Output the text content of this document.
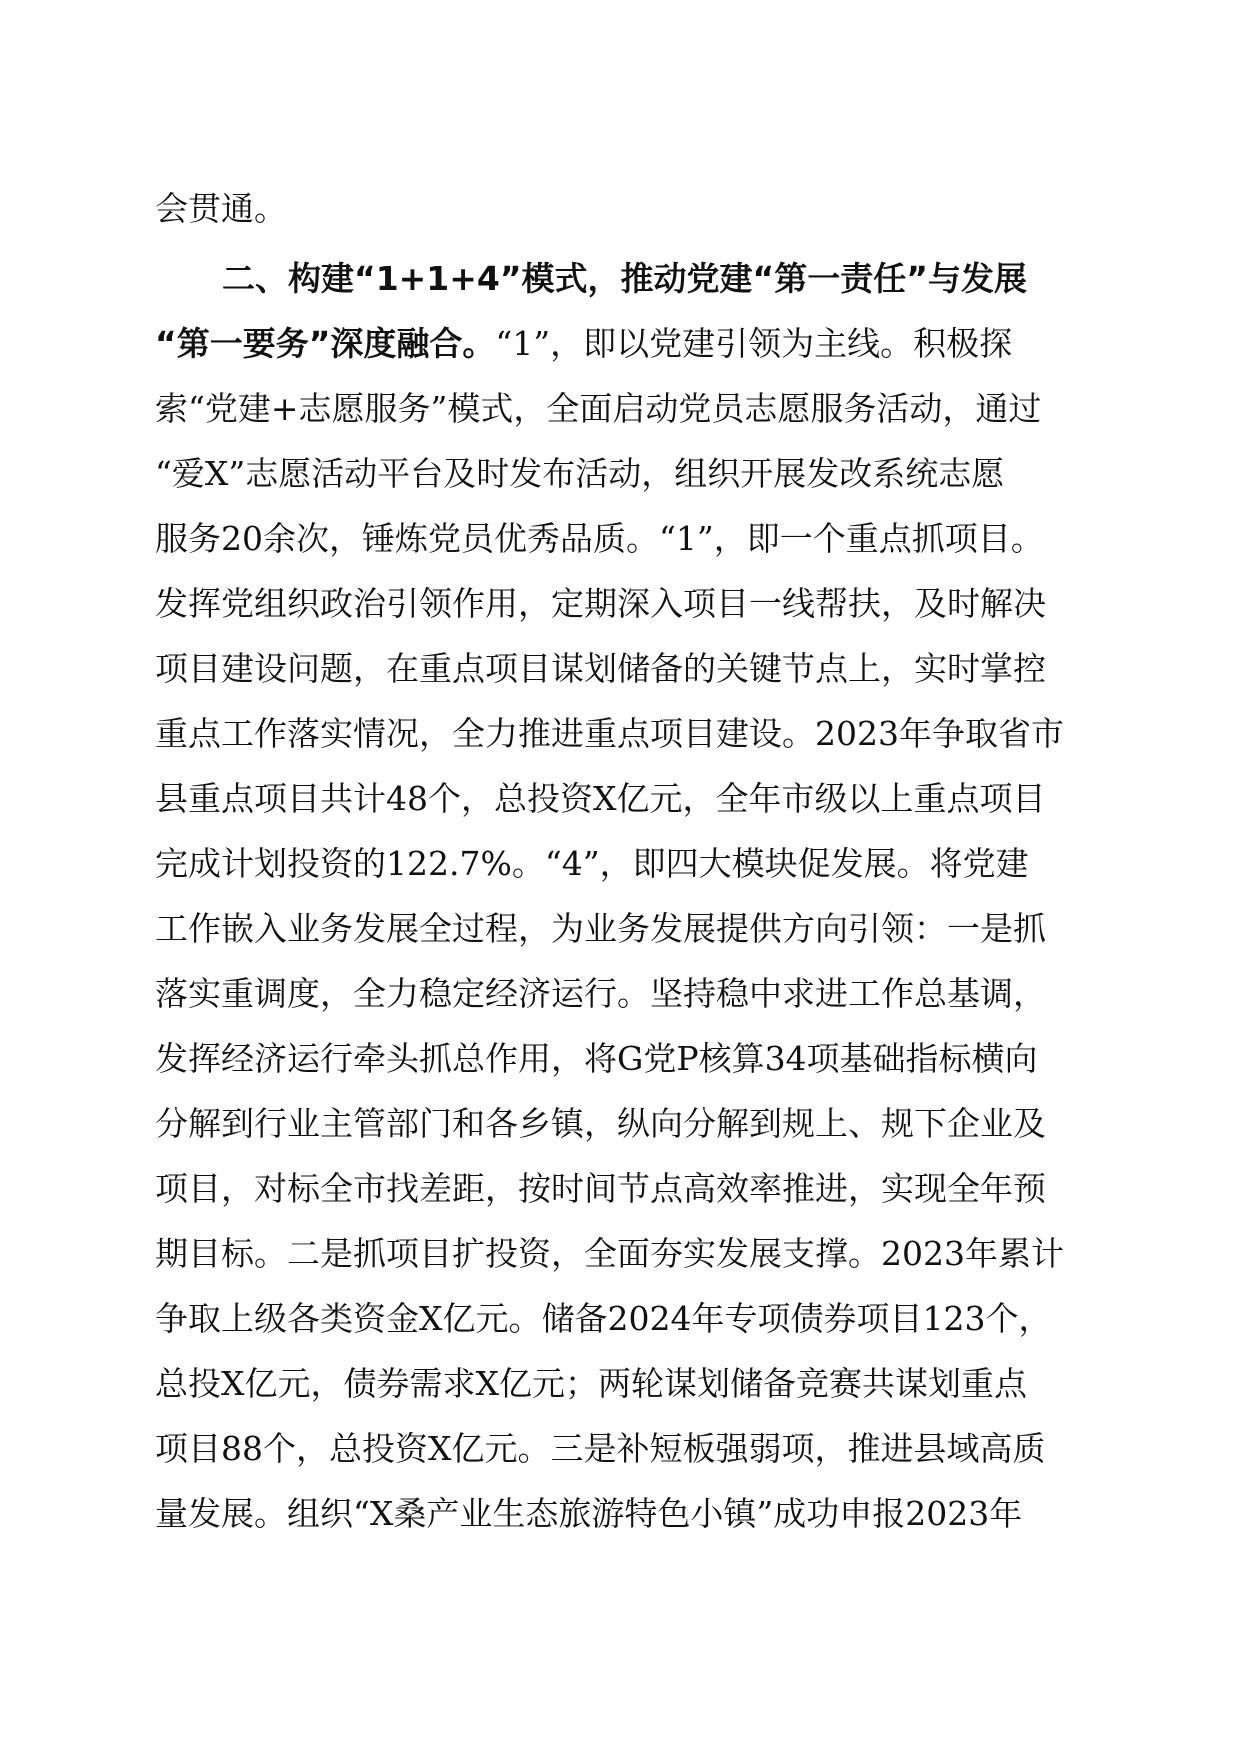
会贯通。
二、构建“1+1+4”模式，推动党建“第一责任”与发展
“第一要务”深度融合。“1”，即以党建引领为主线。积极探
索“党建+志愿服务”模式，全面启动党员志愿服务活动，通过
“爱X”志愿活动平台及时发布活动，组织开展发改系统志愿
服务20余次，锤炼党员优秀品质。“1”，即一个重点抓项目。
发挥党组织政治引领作用，定期深入项目一线帮扶，及时解决
项目建设问题，在重点项目谋划储备的关键节点上，实时掌控
重点工作落实情况，全力推进重点项目建设。2023年争取省市
县重点项目共计48个，总投资X亿元，全年市级以上重点项目
完成计划投资的122.7%。“4”，即四大模块促发展。将党建
工作嵌入业务发展全过程，为业务发展提供方向引领：一是抓
落实重调度，全力稳定经济运行。坚持稳中求进工作总基调，
发挥经济运行牵头抓总作用，将G党P核算34项基础指标横向
分解到行业主管部门和各乡镇，纵向分解到规上、规下企业及
项目，对标全市找差距，按时间节点高效率推进，实现全年预
期目标。二是抓项目扩投资，全面夯实发展支撑。2023年累计
争取上级各类资金X亿元。储备2024年专项债券项目123个，
总投X亿元，债券需求X亿元；两轮谋划储备竞赛共谋划重点
项目88个，总投资X亿元。三是补短板强弱项，推进县域高质
量发展。组织“X桑产业生态旅游特色小镇”成功申报2023年
